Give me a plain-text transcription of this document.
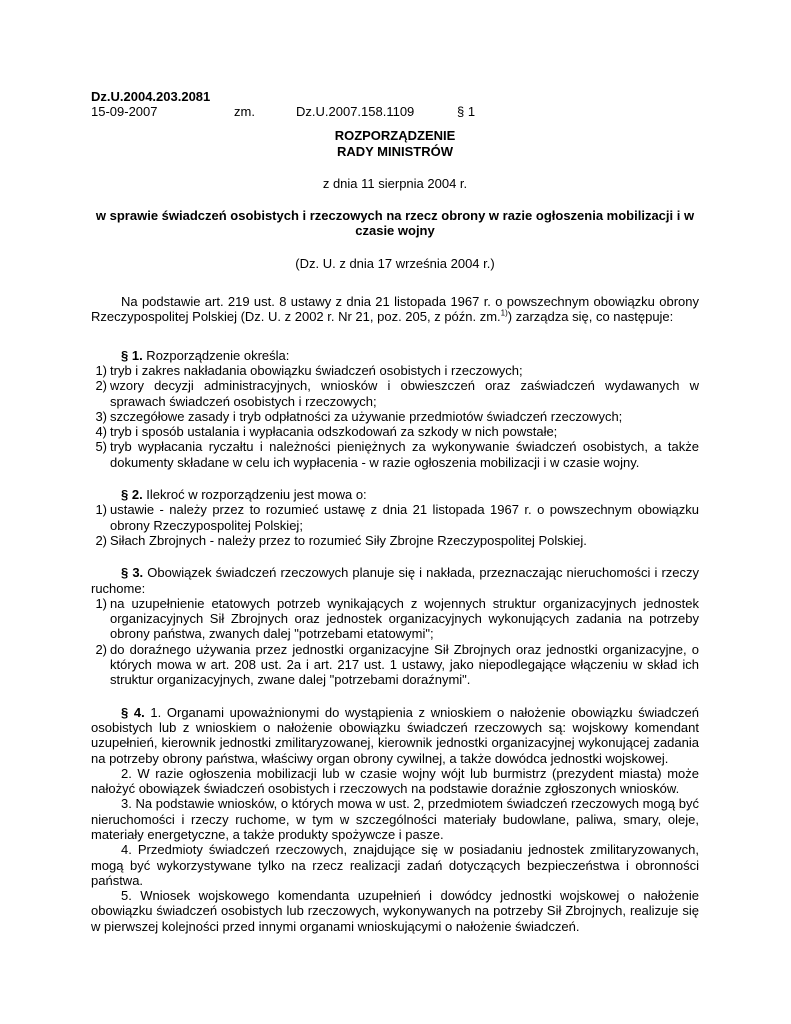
Dz.U.2004.203.2081
15-09-2007	zm.	Dz.U.2007.158.1109	§ 1
ROZPORZĄDZENIE
RADY MINISTRÓW
z dnia 11 sierpnia 2004 r.
w sprawie świadczeń osobistych i rzeczowych na rzecz obrony w razie ogłoszenia mobilizacji i w czasie wojny
(Dz. U. z dnia 17 września 2004 r.)

Na podstawie art. 219 ust. 8 ustawy z dnia 21 listopada 1967 r. o powszechnym obowiązku obrony Rzeczypospolitej Polskiej (Dz. U. z 2002 r. Nr 21, poz. 205, z późn. zm.$^{1)}$) zarządza się, co następuje:

§ 1. Rozporządzenie określa:

1) tryb i zakres nakładania obowiązku świadczeń osobistych i rzeczowych;
2) wzory decyzji administracyjnych, wniosków i obwieszczeń oraz zaświadczeń wydawanych w sprawach świadczeń osobistych i rzeczowych;
3) szczegółowe zasady i tryb odpłatności za używanie przedmiotów świadczeń rzeczowych;
4) tryb i sposób ustalania i wypłacania odszkodowań za szkody w nich powstałe;
5) tryb wypłacania ryczałtu i należności pieniężnych za wykonywanie świadczeń osobistych, a także dokumenty składane w celu ich wypłacenia - w razie ogłoszenia mobilizacji i w czasie wojny.

§ 2. Ilekroć w rozporządzeniu jest mowa o:

1) ustawie - należy przez to rozumieć ustawę z dnia 21 listopada 1967 r. o powszechnym obowiązku obrony Rzeczypospolitej Polskiej;
2) Siłach Zbrojnych - należy przez to rozumieć Siły Zbrojne Rzeczypospolitej Polskiej.

§ 3. Obowiązek świadczeń rzeczowych planuje się i nakłada, przeznaczając nieruchomości i rzeczy ruchome:

1) na uzupełnienie etatowych potrzeb wynikających z wojennych struktur organizacyjnych jednostek organizacyjnych Sił Zbrojnych oraz jednostek organizacyjnych wykonujących zadania na potrzeby obrony państwa, zwanych dalej "potrzebami etatowymi";
2) do doraźnego używania przez jednostki organizacyjne Sił Zbrojnych oraz jednostki organizacyjne, o których mowa w art. 208 ust. 2a i art. 217 ust. 1 ustawy, jako niepodlegające włączeniu w skład ich struktur organizacyjnych, zwane dalej "potrzebami doraźnymi".

§ 4. 1. Organami upoważnionymi do wystąpienia z wnioskiem o nałożenie obowiązku świadczeń osobistych lub z wnioskiem o nałożenie obowiązku świadczeń rzeczowych są: wojskowy komendant uzupełnień, kierownik jednostki zmilitaryzowanej, kierownik jednostki organizacyjnej wykonującej zadania na potrzeby obrony państwa, właściwy organ obrony cywilnej, a także dowódca jednostki wojskowej.

2. W razie ogłoszenia mobilizacji lub w czasie wojny wójt lub burmistrz (prezydent miasta) może nałożyć obowiązek świadczeń osobistych i rzeczowych na podstawie doraźnie zgłoszonych wniosków.

3. Na podstawie wniosków, o których mowa w ust. 2, przedmiotem świadczeń rzeczowych mogą być nieruchomości i rzeczy ruchome, w tym w szczególności materiały budowlane, paliwa, smary, oleje, materiały energetyczne, a także produkty spożywcze i pasze.

4. Przedmioty świadczeń rzeczowych, znajdujące się w posiadaniu jednostek zmilitaryzowanych, mogą być wykorzystywane tylko na rzecz realizacji zadań dotyczących bezpieczeństwa i obronności państwa.

5. Wniosek wojskowego komendanta uzupełnień i dowódcy jednostki wojskowej o nałożenie obowiązku świadczeń osobistych lub rzeczowych, wykonywanych na potrzeby Sił Zbrojnych, realizuje się w pierwszej kolejności przed innymi organami wnioskującymi o nałożenie świadczeń.
